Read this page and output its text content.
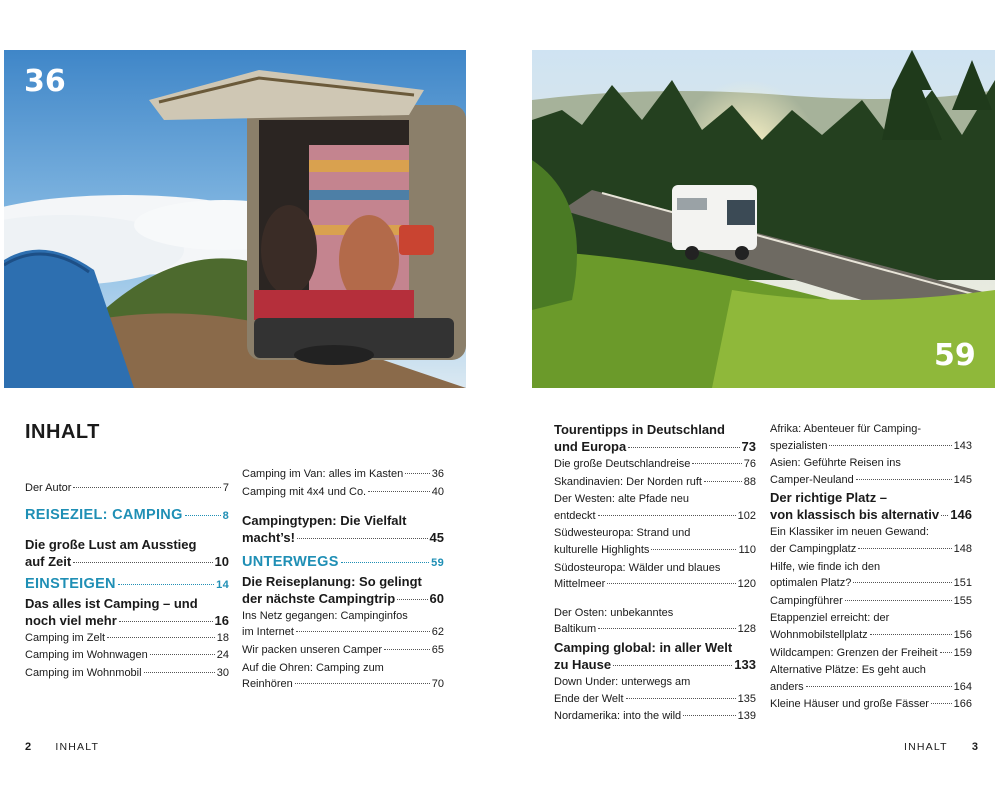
36
59
INHALT
Der Autor	7
REISEZIEL: CAMPING	8
Die große Lust am Ausstieg
auf Zeit	10
EINSTEIGEN	14
Das alles ist Camping – und
noch viel mehr	16
Camping im Zelt	18
Camping im Wohnwagen	24
Camping im Wohnmobil	30
Camping im Van: alles im Kasten	36
Camping mit 4x4 und Co.	40
Campingtypen: Die Vielfalt
macht’s!	45
UNTERWEGS	59
Die Reiseplanung: So gelingt
der nächste Campingtrip	60
Ins Netz gegangen: Campinginfos
im Internet	62
Wir packen unseren Camper	65
Auf die Ohren: Camping zum
Reinhören	70
Tourentipps in Deutschland
und Europa	73
Die große Deutschlandreise	76
Skandinavien: Der Norden ruft	88
Der Westen: alte Pfade neu
entdeckt	102
Südwesteuropa: Strand und
kulturelle Highlights	110
Südosteuropa: Wälder und blaues
Mittelmeer	120
Der Osten: unbekanntes
Baltikum	128
Camping global: in aller Welt
zu Hause	133
Down Under: unterwegs am
Ende der Welt	135
Nordamerika: into the wild	139
Afrika: Abenteuer für Camping-
spezialisten	143
Asien: Geführte Reisen ins
Camper-Neuland	145
Der richtige Platz –
von klassisch bis alternativ 146
Ein Klassiker im neuen Gewand:
der Campingplatz	148
Hilfe, wie finde ich den
optimalen Platz?	151
Campingführer	155
Etappenziel erreicht: der
Wohnmobilstellplatz	156
Wildcampen: Grenzen der Freiheit 159
Alternative Plätze: Es geht auch
anders	164
Kleine Häuser und große Fässer 166
2 INHALT	INHALT 3
